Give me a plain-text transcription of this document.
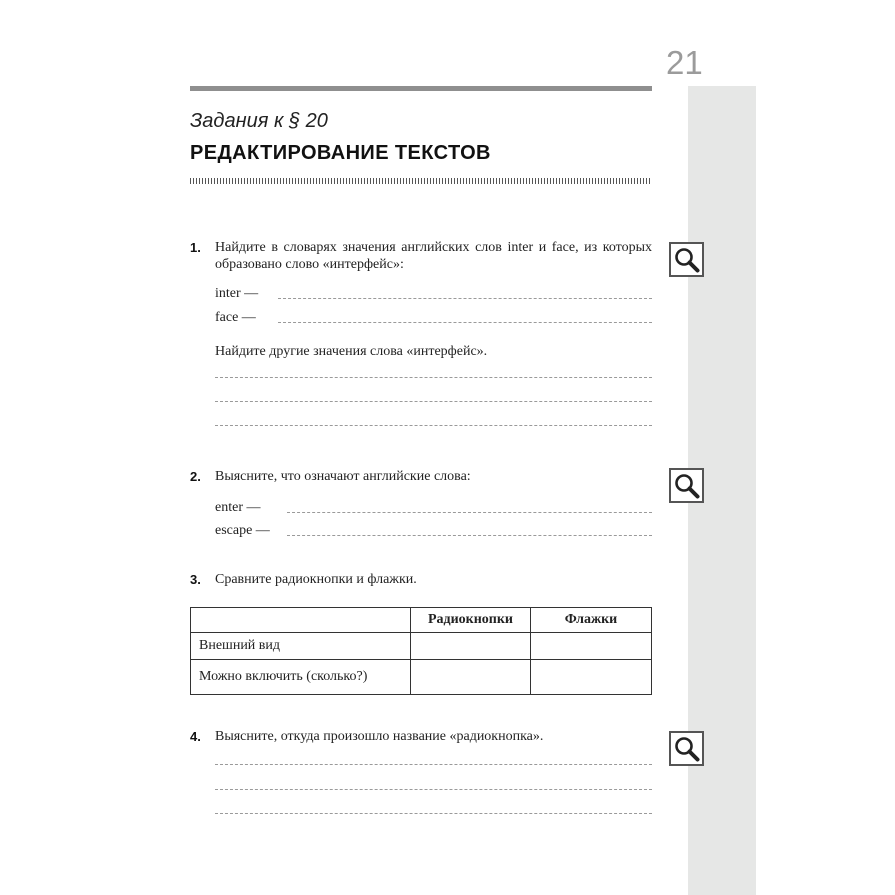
21
Задания к § 20
РЕДАКТИРОВАНИЕ ТЕКСТОВ
1. Найдите в словарях значения английских слов inter и face, из которых образовано слово «интерфейс»:
inter —
face —
Найдите другие значения слова «интерфейс».
2. Выясните, что означают английские слова:
enter —
escape —
3. Сравните радиокнопки и флажки.
	Радиокнопки	Флажки
Внешний вид		
Можно включить (сколько?)		
4. Выясните, откуда произошло название «радиокнопка».
